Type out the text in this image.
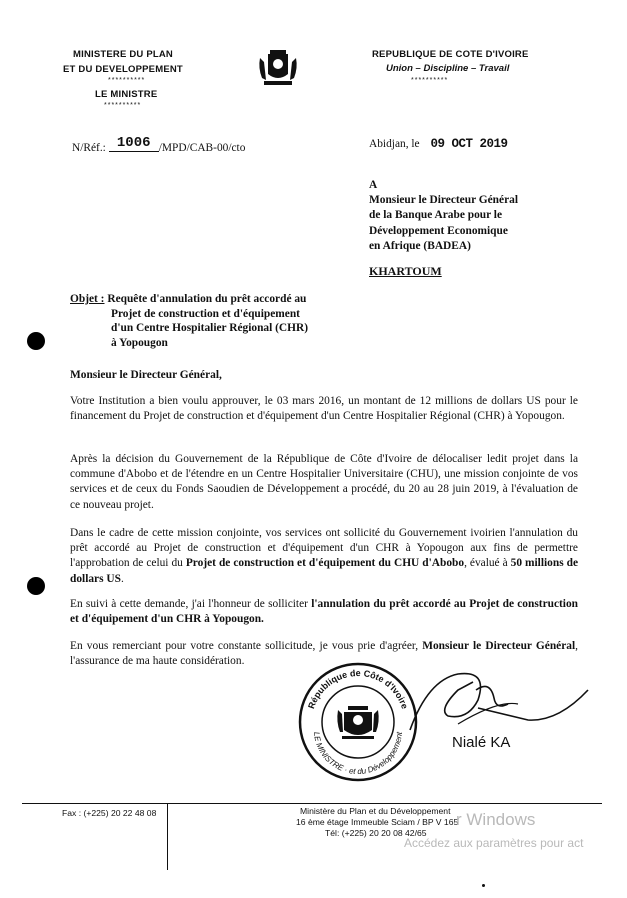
MINISTERE DU PLAN
ET DU DEVELOPPEMENT
LE MINISTRE
**********
**********
REPUBLIQUE DE COTE D'IVOIRE
Union – Discipline – Travail
**********
N/Réf.: 1006 /MPD/CAB-00/cto	Abidjan, le 09 OCT 2019
A
Monsieur le Directeur Général
de la Banque Arabe pour le
Développement Economique
en Afrique (BADEA)
KHARTOUM
Objet : Requête d'annulation du prêt accordé au
Projet de construction et d'équipement
d'un Centre Hospitalier Régional (CHR)
à Yopougon
Monsieur le Directeur Général,
Votre Institution a bien voulu approuver, le 03 mars 2016, un montant de 12 millions de dollars US pour le financement du Projet de construction et d'équipement d'un Centre Hospitalier Régional (CHR) à Yopougon.
Après la décision du Gouvernement de la République de Côte d'Ivoire de délocaliser ledit projet dans la commune d'Abobo et de l'étendre en un Centre Hospitalier Universitaire (CHU), une mission conjointe de vos services et de ceux du Fonds Saoudien de Développement a procédé, du 20 au 28 juin 2019, à l'évaluation de ce nouveau projet.
Dans le cadre de cette mission conjointe, vos services ont sollicité du Gouvernement ivoirien l'annulation du prêt accordé au Projet de construction et d'équipement d'un CHR à Yopougon aux fins de permettre l'approbation de celui du Projet de construction et d'équipement du CHU d'Abobo, évalué à 50 millions de dollars US.
En suivi à cette demande, j'ai l'honneur de solliciter l'annulation du prêt accordé au Projet de construction et d'équipement d'un CHR à Yopougon.
En vous remerciant pour votre constante sollicitude, je vous prie d'agréer, Monsieur le Directeur Général, l'assurance de ma haute considération.
République de Côte d'Ivoire
LE MINISTRE · et du Développement
Nialé KA
Fax : (+225) 20 22 48 08	Ministère du Plan et du Développement
16 ème étage Immeuble Sciam / BP V 165
Tél: (+225) 20 20 08 42/65
r Windows
Accédez aux paramètres pour act
